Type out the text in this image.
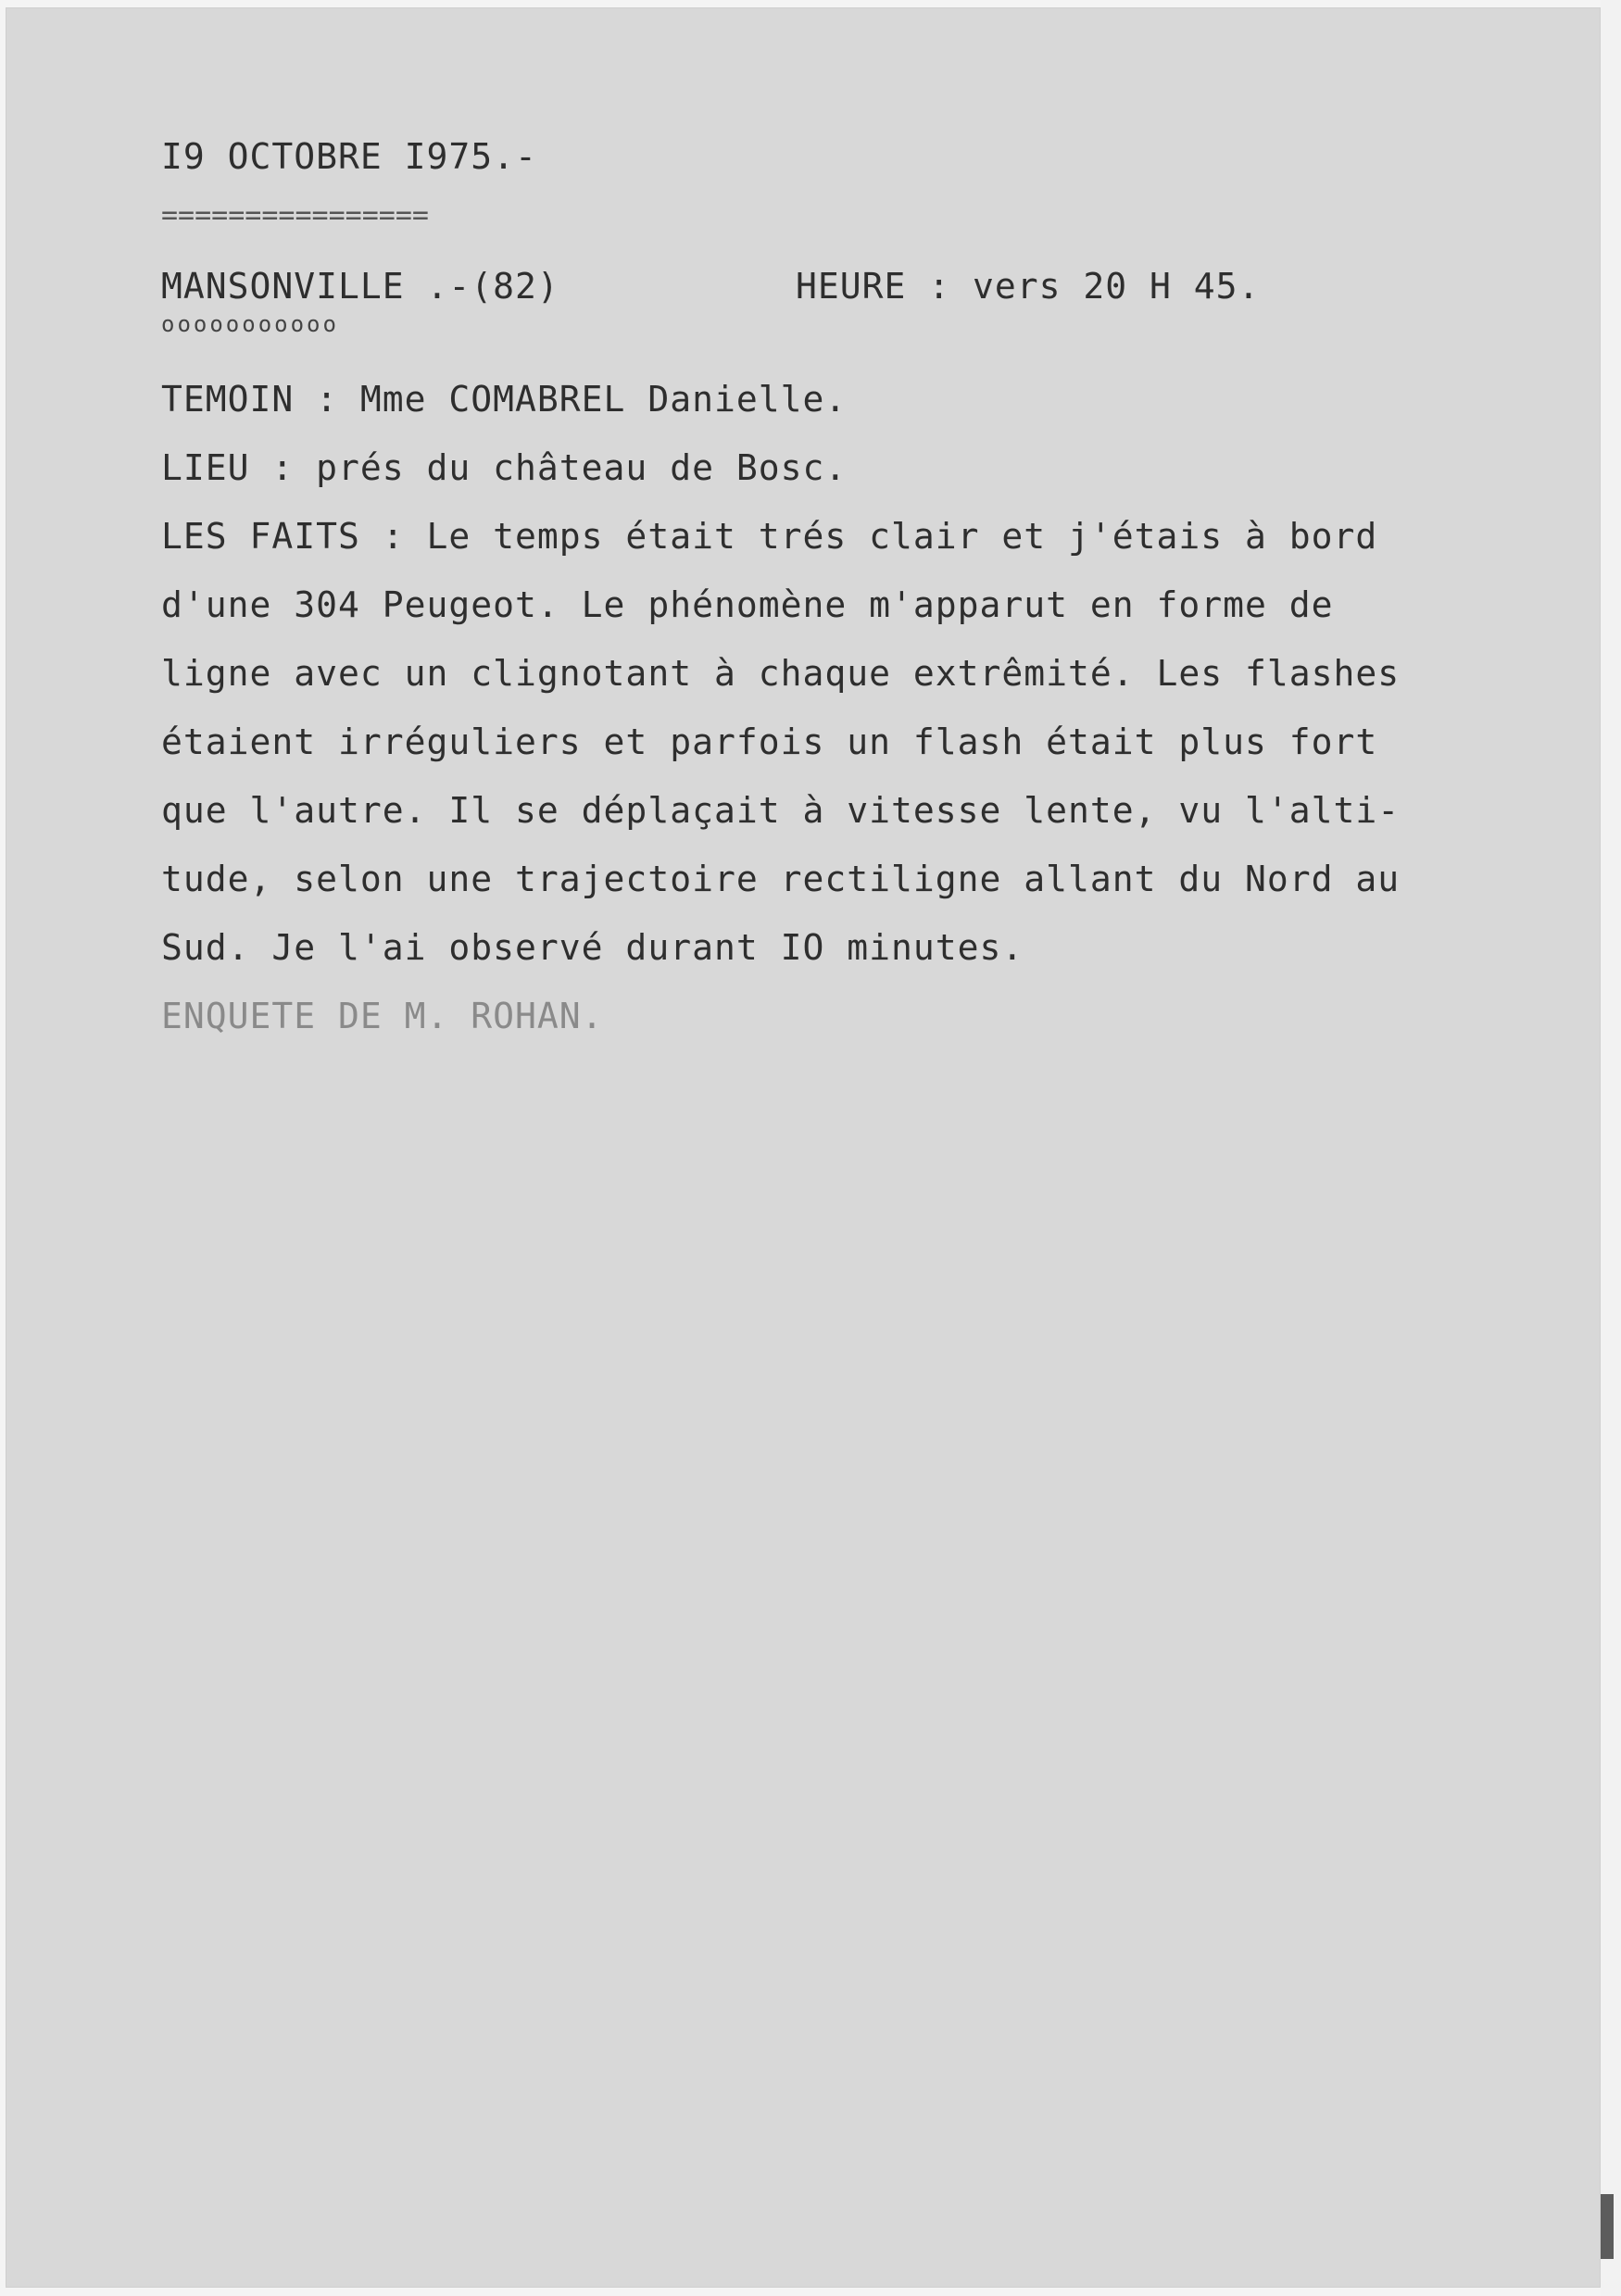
I9 OCTOBRE I975.-
================
MANSONVILLE .-(82)	HEURE : vers 20 H 45.
ooooooooooo
TEMOIN : Mme COMABREL Danielle.
LIEU : prés du château de Bosc.
LES FAITS : Le temps était trés clair et j'étais à bord
d'une 304 Peugeot. Le phénomène m'apparut en forme de
ligne avec un clignotant à chaque extrêmité. Les flashes
étaient irréguliers et parfois un flash était plus fort
que l'autre. Il se déplaçait à vitesse lente, vu l'alti-
tude, selon une trajectoire rectiligne allant du Nord au
Sud. Je l'ai observé durant IO minutes.
ENQUETE DE M. ROHAN.
